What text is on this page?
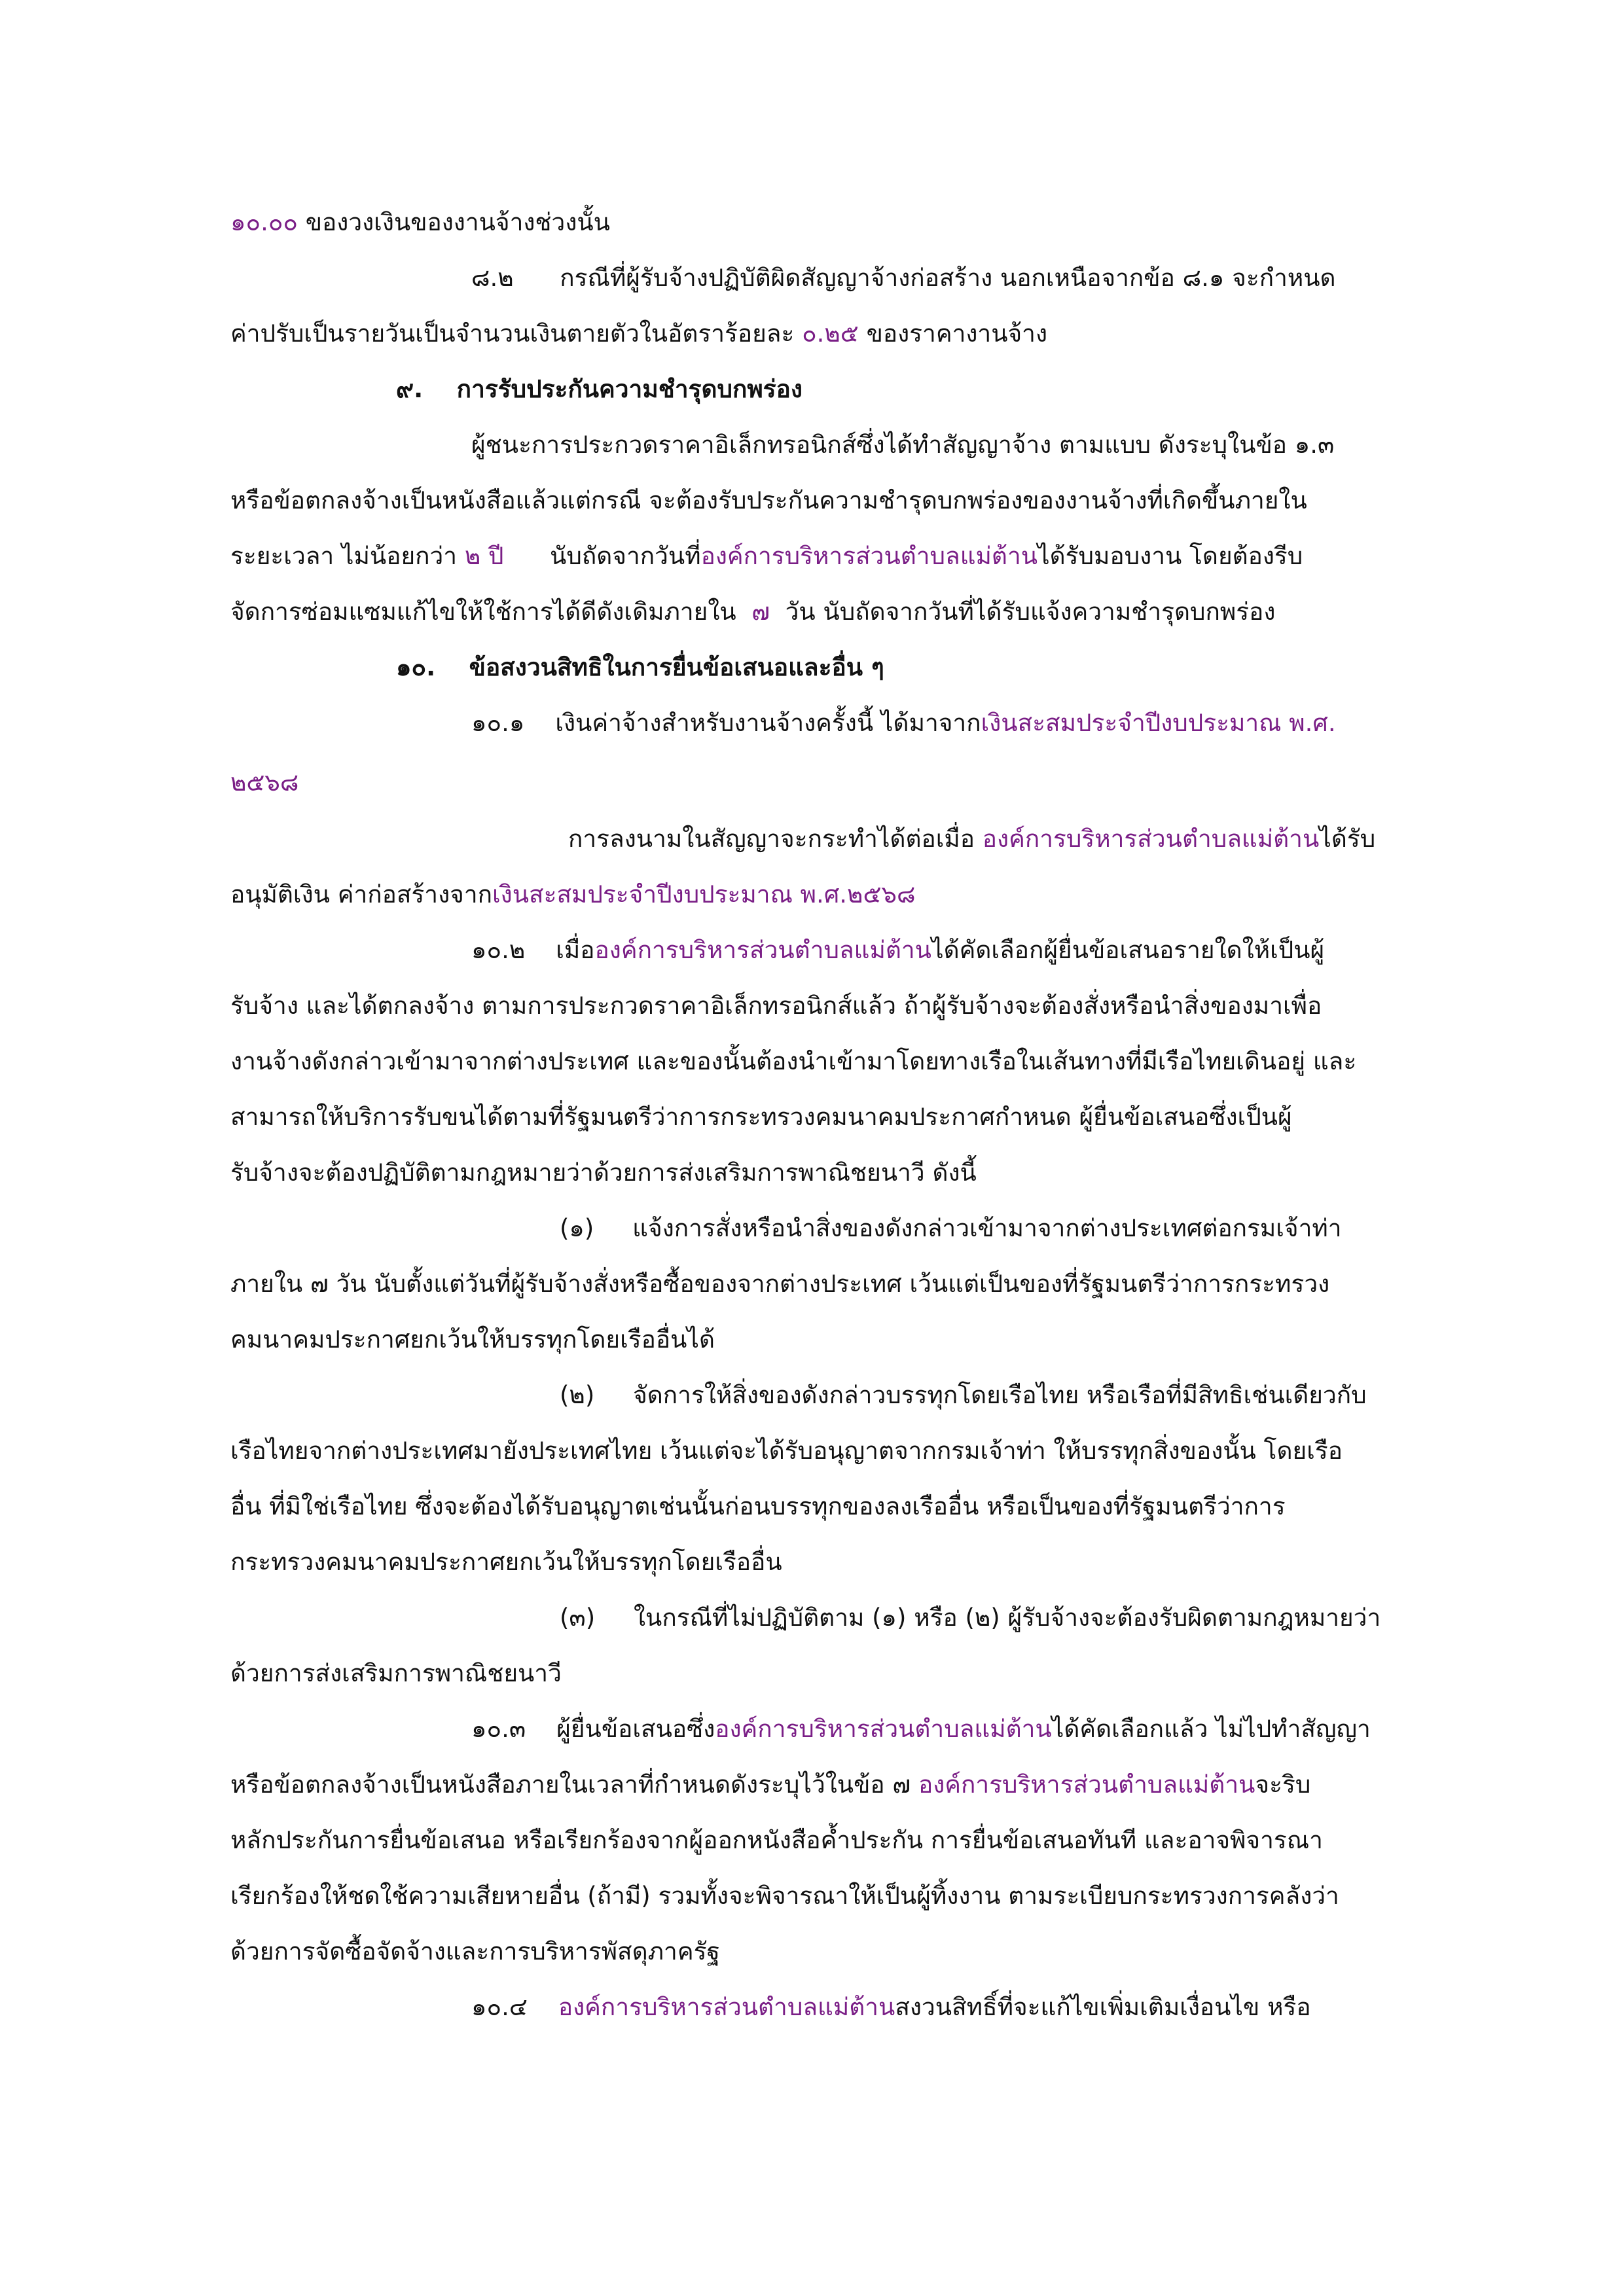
๑๐.๐๐ ของวงเงินของงานจ้างช่วงนั้น
๘.๒      กรณีที่ผู้รับจ้างปฏิบัติผิดสัญญาจ้างก่อสร้าง นอกเหนือจากข้อ ๘.๑ จะกำหนด
ค่าปรับเป็นรายวันเป็นจำนวนเงินตายตัวในอัตราร้อยละ ๐.๒๕ ของราคางานจ้าง
๙.    การรับประกันความชำรุดบกพร่อง
ผู้ชนะการประกวดราคาอิเล็กทรอนิกส์ซึ่งได้ทำสัญญาจ้าง ตามแบบ ดังระบุในข้อ ๑.๓
หรือข้อตกลงจ้างเป็นหนังสือแล้วแต่กรณี จะต้องรับประกันความชำรุดบกพร่องของงานจ้างที่เกิดขึ้นภายใน
ระยะเวลา ไม่น้อยกว่า ๒ ปี      นับถัดจากวันที่องค์การบริหารส่วนตำบลแม่ต้านได้รับมอบงาน โดยต้องรีบ
จัดการซ่อมแซมแก้ไขให้ใช้การได้ดีดังเดิมภายใน  ๗  วัน นับถัดจากวันที่ได้รับแจ้งความชำรุดบกพร่อง
๑๐.    ข้อสงวนสิทธิในการยื่นข้อเสนอและอื่น ๆ
๑๐.๑    เงินค่าจ้างสำหรับงานจ้างครั้งนี้ ได้มาจากเงินสะสมประจำปีงบประมาณ พ.ศ.
๒๕๖๘
การลงนามในสัญญาจะกระทำได้ต่อเมื่อ องค์การบริหารส่วนตำบลแม่ต้านได้รับ
อนุมัติเงิน ค่าก่อสร้างจากเงินสะสมประจำปีงบประมาณ พ.ศ.๒๕๖๘
๑๐.๒    เมื่อองค์การบริหารส่วนตำบลแม่ต้านได้คัดเลือกผู้ยื่นข้อเสนอรายใดให้เป็นผู้
รับจ้าง และได้ตกลงจ้าง ตามการประกวดราคาอิเล็กทรอนิกส์แล้ว ถ้าผู้รับจ้างจะต้องสั่งหรือนำสิ่งของมาเพื่อ
งานจ้างดังกล่าวเข้ามาจากต่างประเทศ และของนั้นต้องนำเข้ามาโดยทางเรือในเส้นทางที่มีเรือไทยเดินอยู่ และ
สามารถให้บริการรับขนได้ตามที่รัฐมนตรีว่าการกระทรวงคมนาคมประกาศกำหนด ผู้ยื่นข้อเสนอซึ่งเป็นผู้
รับจ้างจะต้องปฏิบัติตามกฎหมายว่าด้วยการส่งเสริมการพาณิชยนาวี ดังนี้
(๑)     แจ้งการสั่งหรือนำสิ่งของดังกล่าวเข้ามาจากต่างประเทศต่อกรมเจ้าท่า
ภายใน ๗ วัน นับตั้งแต่วันที่ผู้รับจ้างสั่งหรือซื้อของจากต่างประเทศ เว้นแต่เป็นของที่รัฐมนตรีว่าการกระทรวง
คมนาคมประกาศยกเว้นให้บรรทุกโดยเรืออื่นได้
(๒)     จัดการให้สิ่งของดังกล่าวบรรทุกโดยเรือไทย หรือเรือที่มีสิทธิเช่นเดียวกับ
เรือไทยจากต่างประเทศมายังประเทศไทย เว้นแต่จะได้รับอนุญาตจากกรมเจ้าท่า ให้บรรทุกสิ่งของนั้น โดยเรือ
อื่น ที่มิใช่เรือไทย ซึ่งจะต้องได้รับอนุญาตเช่นนั้นก่อนบรรทุกของลงเรืออื่น หรือเป็นของที่รัฐมนตรีว่าการ
กระทรวงคมนาคมประกาศยกเว้นให้บรรทุกโดยเรืออื่น
(๓)     ในกรณีที่ไม่ปฏิบัติตาม (๑) หรือ (๒) ผู้รับจ้างจะต้องรับผิดตามกฎหมายว่า
ด้วยการส่งเสริมการพาณิชยนาวี
๑๐.๓    ผู้ยื่นข้อเสนอซึ่งองค์การบริหารส่วนตำบลแม่ต้านได้คัดเลือกแล้ว ไม่ไปทำสัญญา
หรือข้อตกลงจ้างเป็นหนังสือภายในเวลาที่กำหนดดังระบุไว้ในข้อ ๗ องค์การบริหารส่วนตำบลแม่ต้านจะริบ
หลักประกันการยื่นข้อเสนอ หรือเรียกร้องจากผู้ออกหนังสือค้ำประกัน การยื่นข้อเสนอทันที และอาจพิจารณา
เรียกร้องให้ชดใช้ความเสียหายอื่น (ถ้ามี) รวมทั้งจะพิจารณาให้เป็นผู้ทิ้งงาน ตามระเบียบกระทรวงการคลังว่า
ด้วยการจัดซื้อจัดจ้างและการบริหารพัสดุภาครัฐ
๑๐.๔    องค์การบริหารส่วนตำบลแม่ต้านสงวนสิทธิ์ที่จะแก้ไขเพิ่มเติมเงื่อนไข หรือ
